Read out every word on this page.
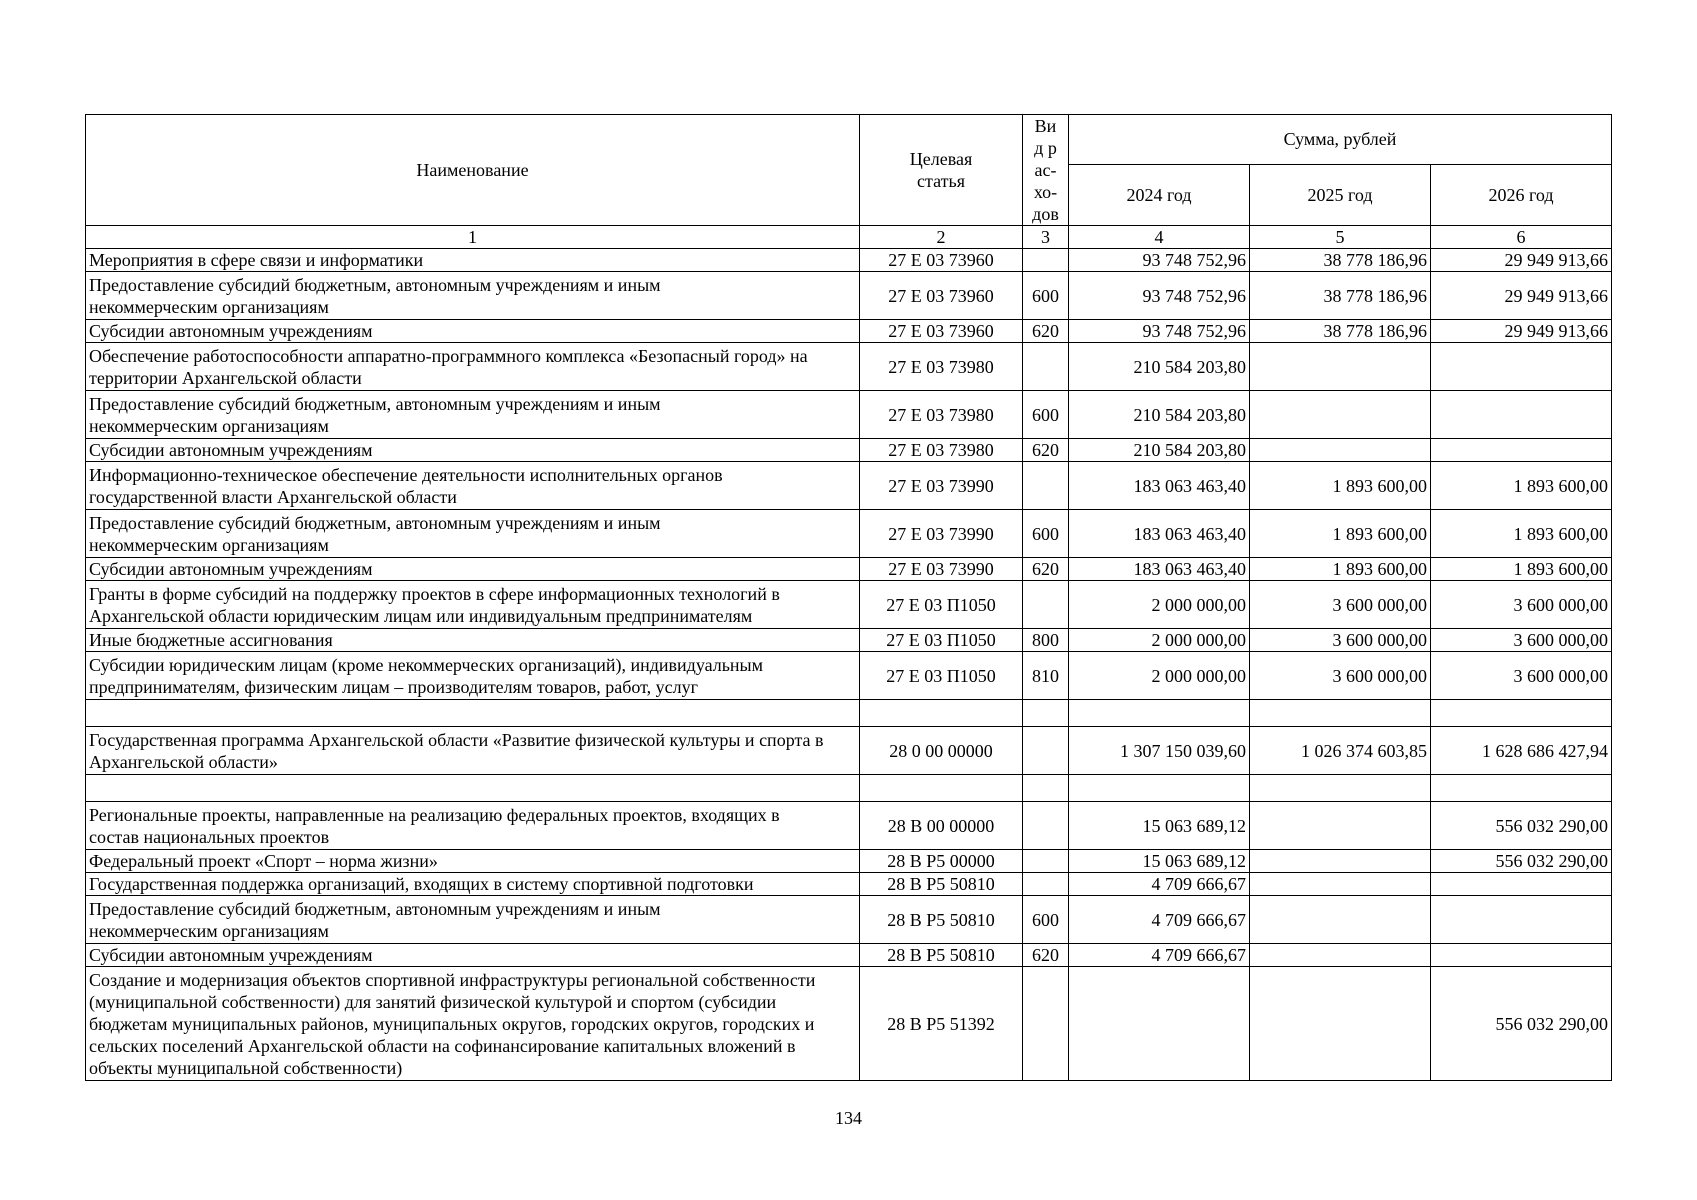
Наименование	Целевая статья	Вид рас-хо-дов	Сумма, рублей		
			2024 год	2025 год	2026 год
1	2	3	4	5	6
Мероприятия в сфере связи и информатики	27 Е 03 73960		93 748 752,96	38 778 186,96	29 949 913,66

Предоставление субсидий бюджетным, автономным учреждениям и иным некоммерческим организациям	27 Е 03 73960	600	93 748 752,96	38 778 186,96	29 949 913,66
Субсидии автономным учреждениям	27 Е 03 73960	620	93 748 752,96	38 778 186,96	29 949 913,66

Обеспечение работоспособности аппаратно-программного комплекса «Безопасный город» на территории Архангельской области	27 Е 03 73980		210 584 203,80		

Предоставление субсидий бюджетным, автономным учреждениям и иным некоммерческим организациям	27 Е 03 73980	600	210 584 203,80		
Субсидии автономным учреждениям	27 Е 03 73980	620	210 584 203,80		

Информационно-техническое обеспечение деятельности исполнительных органов государственной власти Архангельской области	27 Е 03 73990		183 063 463,40	1 893 600,00	1 893 600,00

Предоставление субсидий бюджетным, автономным учреждениям и иным некоммерческим организациям	27 Е 03 73990	600	183 063 463,40	1 893 600,00	1 893 600,00
Субсидии автономным учреждениям	27 Е 03 73990	620	183 063 463,40	1 893 600,00	1 893 600,00

Гранты в форме субсидий на поддержку проектов в сфере информационных технологий в Архангельской области юридическим лицам или индивидуальным предпринимателям	27 Е 03 П1050		2 000 000,00	3 600 000,00	3 600 000,00
Иные бюджетные ассигнования	27 Е 03 П1050	800	2 000 000,00	3 600 000,00	3 600 000,00

Субсидии юридическим лицам (кроме некоммерческих организаций), индивидуальным предпринимателям, физическим лицам – производителям товаров, работ, услуг	27 Е 03 П1050	810	2 000 000,00	3 600 000,00	3 600 000,00

Государственная программа Архангельской области «Развитие физической культуры и спорта в Архангельской области»	28 0 00 00000		1 307 150 039,60	1 026 374 603,85	1 628 686 427,94

Региональные проекты, направленные на реализацию федеральных проектов, входящих в состав национальных проектов	28 В 00 00000		15 063 689,12		556 032 290,00
Федеральный проект «Спорт – норма жизни»	28 В Р5 00000		15 063 689,12		556 032 290,00
Государственная поддержка организаций, входящих в систему спортивной подготовки	28 В Р5 50810		4 709 666,67		

Предоставление субсидий бюджетным, автономным учреждениям и иным некоммерческим организациям	28 В Р5 50810	600	4 709 666,67		
Субсидии автономным учреждениям	28 В Р5 50810	620	4 709 666,67		

Создание и модернизация объектов спортивной инфраструктуры региональной собственности (муниципальной собственности) для занятий физической культурой и спортом (субсидии бюджетам муниципальных районов, муниципальных округов, городских округов, городских и сельских поселений Архангельской области на софинансирование капитальных вложений в объекты муниципальной собственности)	28 В Р5 51392				556 032 290,00
134
